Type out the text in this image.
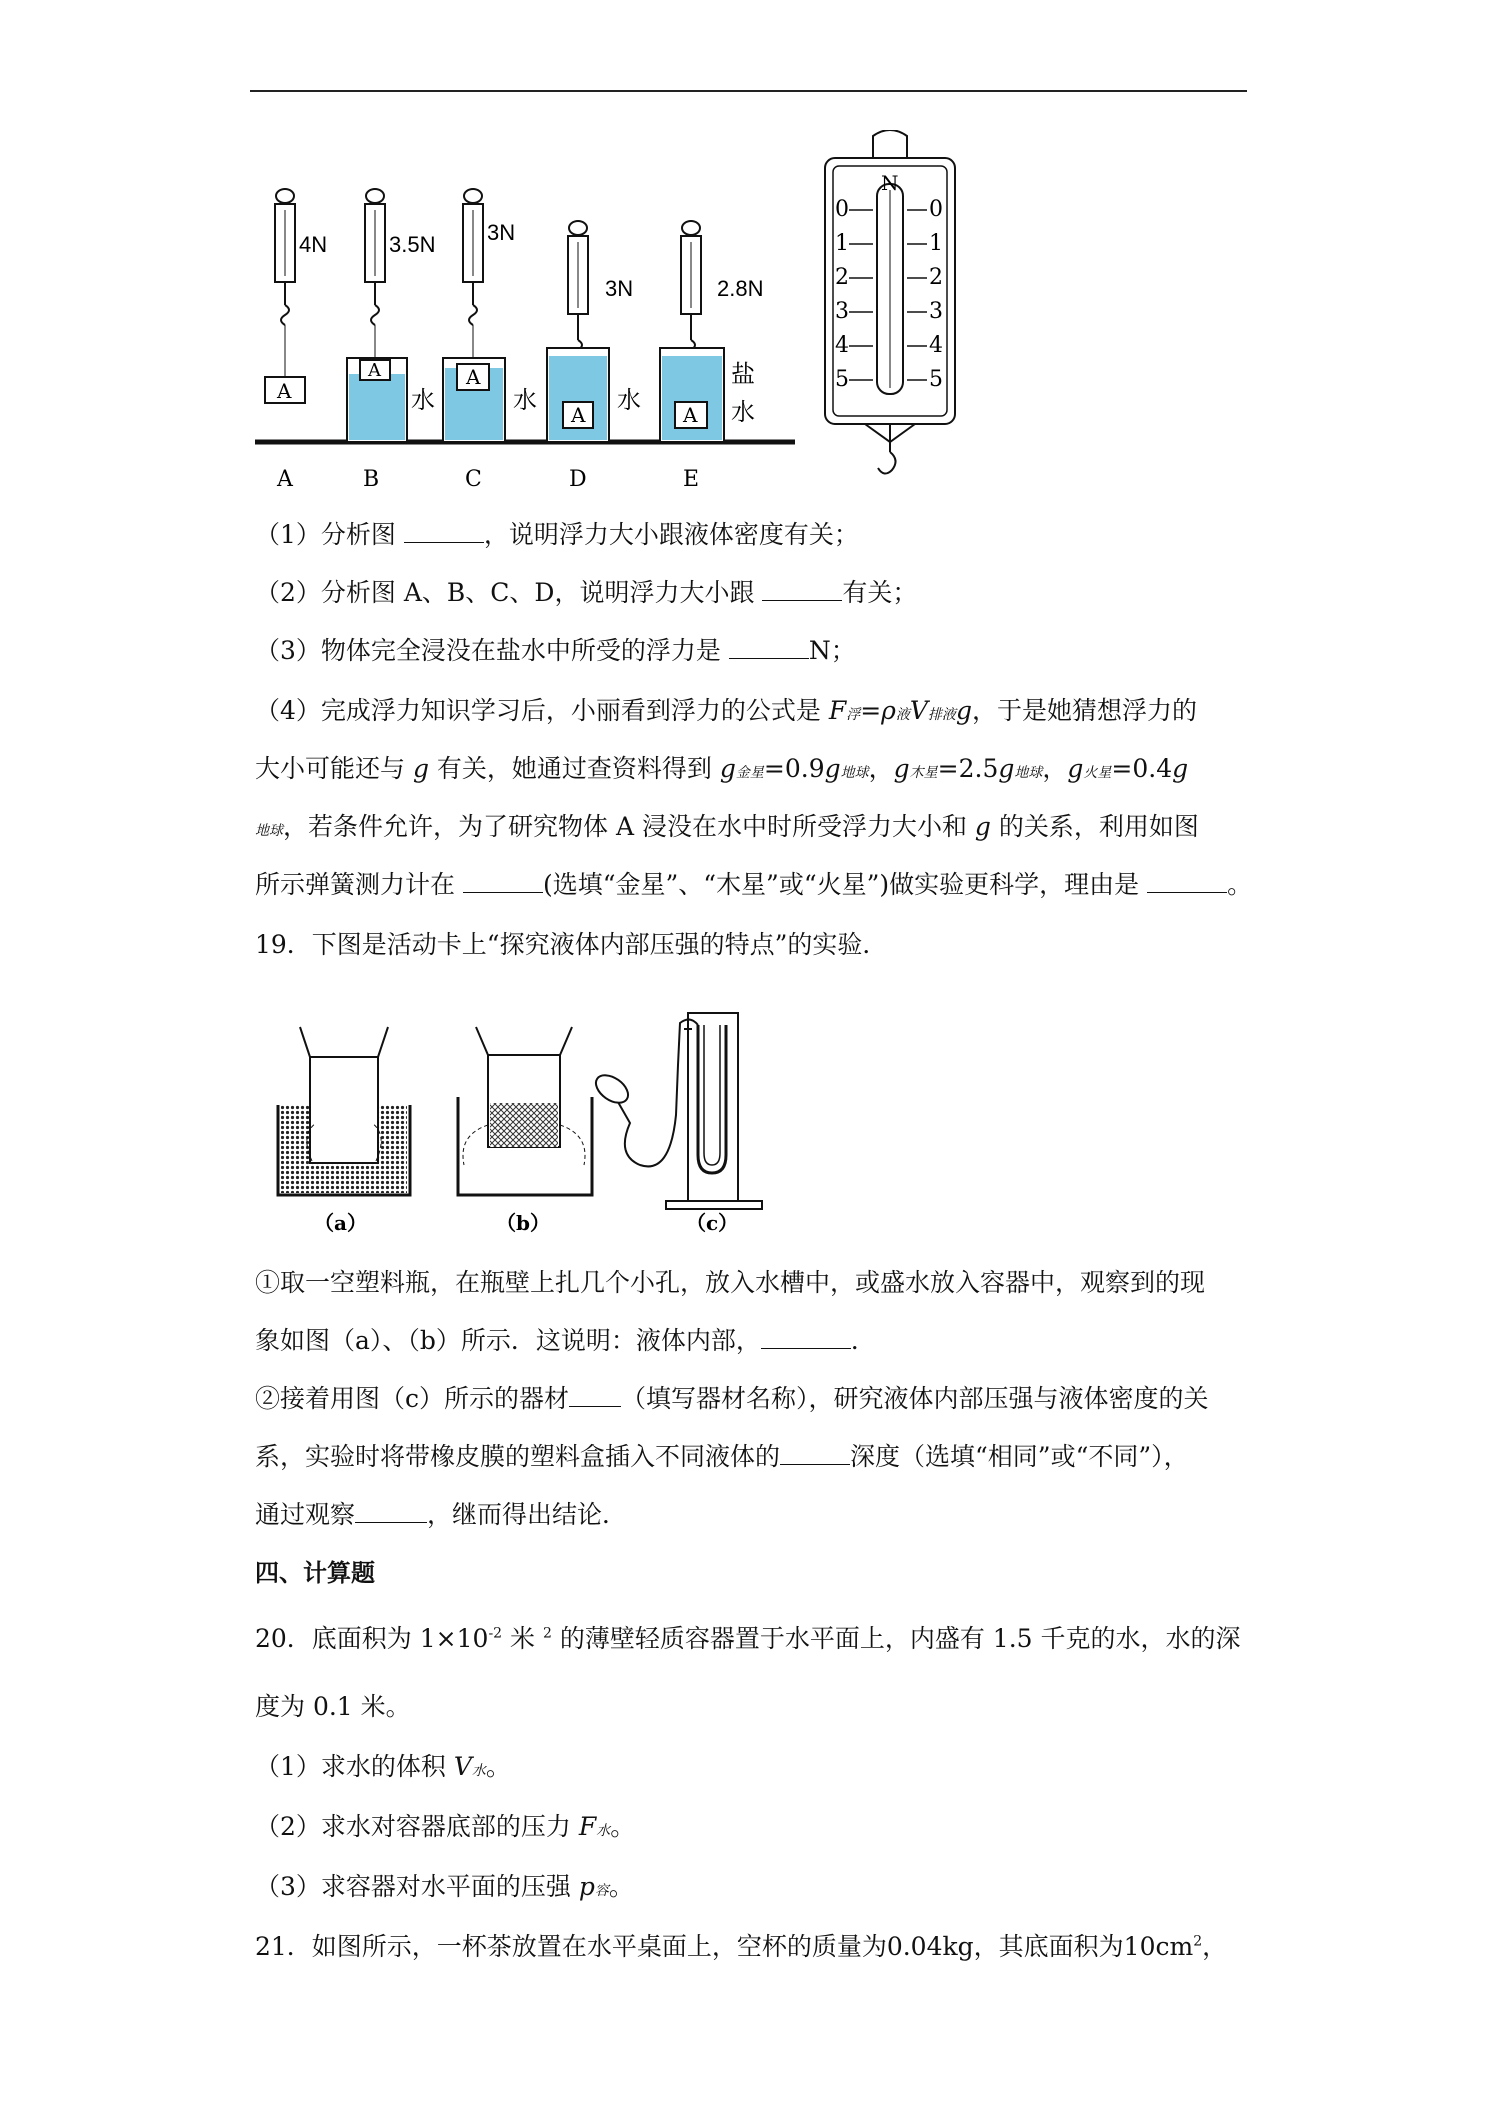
4N	3.5N 3N
3N	2.8N
A
A	A
A	A
水	水	水
盐
水
A	B	C	D	E
N
0
1
2
3
4
5
0
1
2
3
4
5
（1）分析图	，说明浮力大小跟液体密度有关；
（2）分析图 A、B、C、D，说明浮力大小跟	有关；
（3）物体完全浸没在盐水中所受的浮力是	N；
（4）完成浮力知识学习后，小丽看到浮力的公式是 F浮=ρ液V排液g，于是她猜想浮力的
大小可能还与 g 有关，她通过查资料得到 g金星=0.9g地球，g木星=2.5g地球，g火星=0.4g
地球，若条件允许，为了研究物体 A 浸没在水中时所受浮力大小和 g 的关系，利用如图
所示弹簧测力计在	(选填“金星”、“木星”或“火星”)做实验更科学，理由是	。
19．下图是活动卡上“探究液体内部压强的特点”的实验．
（a）	（b）	（c）
①取一空塑料瓶，在瓶壁上扎几个小孔，放入水槽中，或盛水放入容器中，观察到的现
象如图（a）、（b）所示．这说明：液体内部，	．
②接着用图（c）所示的器材 （填写器材名称），研究液体内部压强与液体密度的关
系，实验时将带橡皮膜的塑料盒插入不同液体的	深度（选填“相同”或“不同”），
通过观察	，继而得出结论．
四、计算题
20．底面积为 $1\times 10^{-2}$ 米 $^2$ 的薄壁轻质容器置于水平面上，内盛有 1.5 千克的水，水的深
度为 0.1 米。
（1）求水的体积 V水。
（2）求水对容器底部的压力 F水。
（3）求容器对水平面的压强 p容。
21．如图所示，一杯茶放置在水平桌面上，空杯的质量为0.04kg，其底面积为$10cm^2$，
